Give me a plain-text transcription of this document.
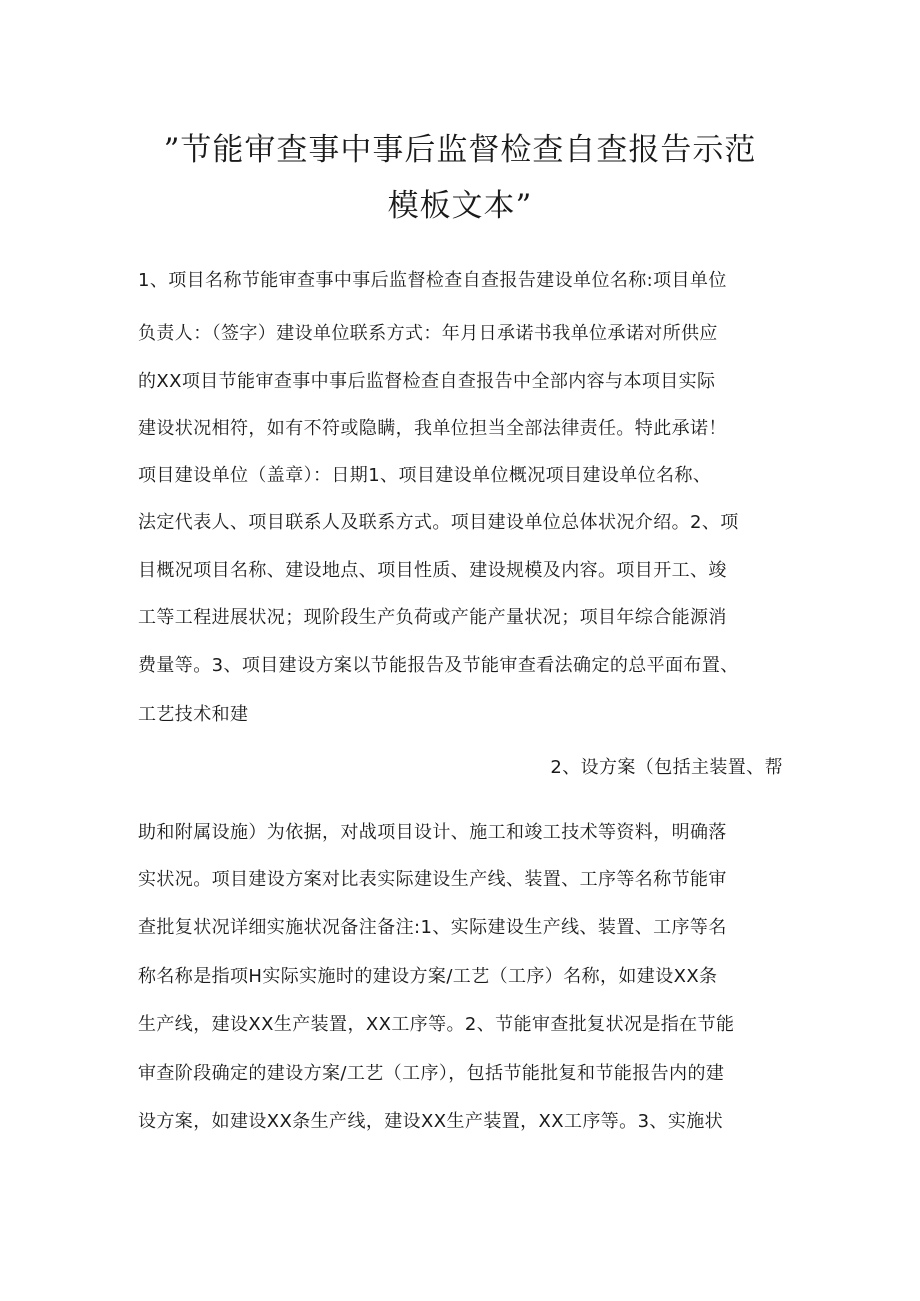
”节能审查事中事后监督检查自查报告示范
模板文本”
1、项目名称节能审查事中事后监督检查自查报告建设单位名称:项目单位
负责人：（签字）建设单位联系方式：年月日承诺书我单位承诺对所供应
的XX项目节能审查事中事后监督检查自查报告中全部内容与本项目实际
建设状况相符，如有不符或隐瞒，我单位担当全部法律责任。特此承诺！
项目建设单位（盖章）：日期1、项目建设单位概况项目建设单位名称、
法定代表人、项目联系人及联系方式。项目建设单位总体状况介绍。2、项
目概况项目名称、建设地点、项目性质、建设规模及内容。项目开工、竣
工等工程进展状况；现阶段生产负荷或产能产量状况；项目年综合能源消
费量等。3、项目建设方案以节能报告及节能审查看法确定的总平面布置、
工艺技术和建
2、设方案（包括主装置、帮
助和附属设施）为依据，对战项目设计、施工和竣工技术等资料，明确落
实状况。项目建设方案对比表实际建设生产线、装置、工序等名称节能审
查批复状况详细实施状况备注备注:1、实际建设生产线、装置、工序等名
称名称是指项H实际实施时的建设方案/工艺（工序）名称，如建设XX条
生产线，建设XX生产装置，XX工序等。2、节能审查批复状况是指在节能
审查阶段确定的建设方案/工艺（工序），包括节能批复和节能报告内的建
设方案，如建设XX条生产线，建设XX生产装置，XX工序等。3、实施状
